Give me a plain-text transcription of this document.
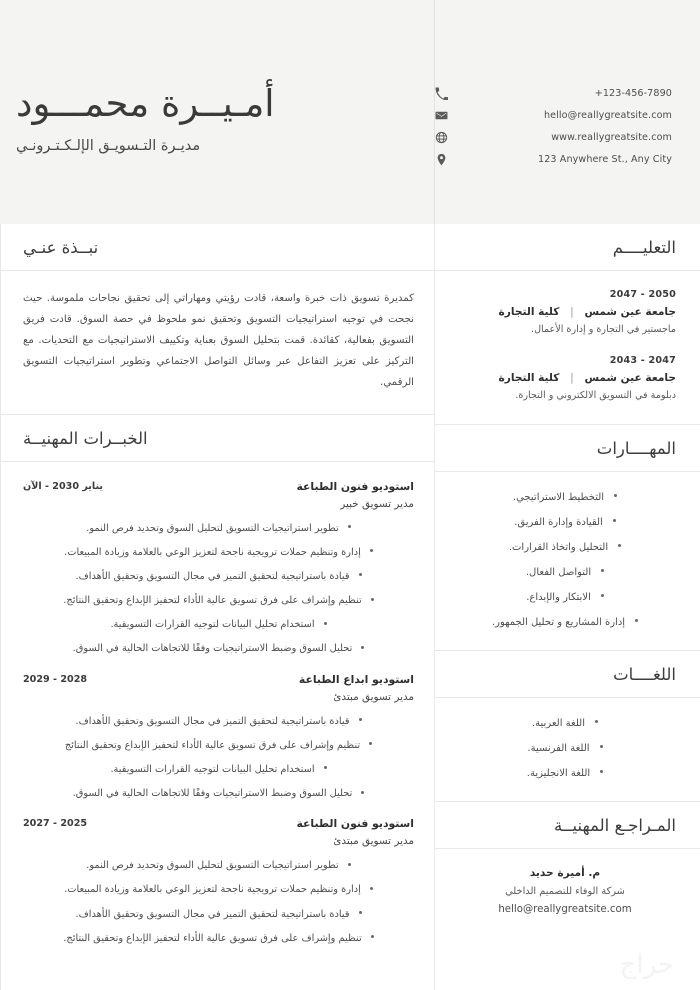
+123-456-7890
hello@reallygreatsite.com
www.reallygreatsite.com
123 Anywhere St., Any City
أمـيــرة محمـــود
مديـرة التـسويـق الإلـكـتـرونـي
التعليــــم
2047 - 2050
جامعة عين شمس | كلية التجارة
ماجستير في التجارة و إدارة الأعمال.
2043 - 2047
جامعة عين شمس | كلية التجارة
دبلومة في التسويق الالكتروني و التجارة.
المهــــارات
التخطيط الاستراتيجي.
القيادة وإدارة الفريق.
التحليل واتخاذ القرارات.
التواصل الفعال.
الابتكار والإبداع.
إدارة المشاريع و تحليل الجمهور.
اللغــــات
اللغة العربية.
اللغة الفرنسية.
اللغة الانجليزية.
المـراجـع المهنيــة
م. أميرة حديد
شركة الوفاء للتصميم الداخلي
hello@reallygreatsite.com
نبــذة عنـي

كمديرة تسويق ذات خبرة واسعة، قادت رؤيتي ومهاراتي إلى تحقيق نجاحات ملموسة. حيث نجحت في توجيه استراتيجيات التسويق وتحقيق نمو ملحوظ في حصة السوق. قادت فريق التسويق بفعالية، كقائدة. قمت بتحليل السوق بعناية وتكييف الاستراتيجيات مع التحديات. مع التركيز على تعزيز التفاعل عبر وسائل التواصل الاجتماعي وتطوير استراتيجيات التسويق الرقمي.

الخبــرات المهنيــة
استوديو فنون الطباعة
يناير 2030 - الآن
مدير تسويق خبير
تطوير استراتيجيات التسويق لتحليل السوق وتحديد فرص النمو.
إدارة وتنظيم حملات ترويجية ناجحة لتعزيز الوعي بالعلامة وزيادة المبيعات.
قيادة باستراتيجية لتحقيق التميز في مجال التسويق وتحقيق الأهداف.
تنظيم وإشراف على فرق تسويق عالية الأداء لتحفيز الإبداع وتحقيق النتائج.
استخدام تحليل البيانات لتوجيه القرارات التسويقية.
تحليل السوق وضبط الاستراتيجيات وفقًا للاتجاهات الحالية في السوق.
استوديو ابداع الطباعة
2028 - 2029
مدير تسويق مبتدئ
قيادة باستراتيجية لتحقيق التميز في مجال التسويق وتحقيق الأهداف.
تنظيم وإشراف على فرق تسويق عالية الأداء لتحفيز الإبداع وتحقيق النتائج
استخدام تحليل البيانات لتوجيه القرارات التسويقية.
تحليل السوق وضبط الاستراتيجيات وفقًا للاتجاهات الحالية في السوق.
استوديو فنون الطباعة
2025 - 2027
مدير تسويق مبتدئ
تطوير استراتيجيات التسويق لتحليل السوق وتحديد فرص النمو.
إدارة وتنظيم حملات ترويجية ناجحة لتعزيز الوعي بالعلامة وزيادة المبيعات.
قيادة باستراتيجية لتحقيق التميز في مجال التسويق وتحقيق الأهداف.
تنظيم وإشراف على فرق تسويق عالية الأداء لتحفيز الإبداع وتحقيق النتائج.
حراج
